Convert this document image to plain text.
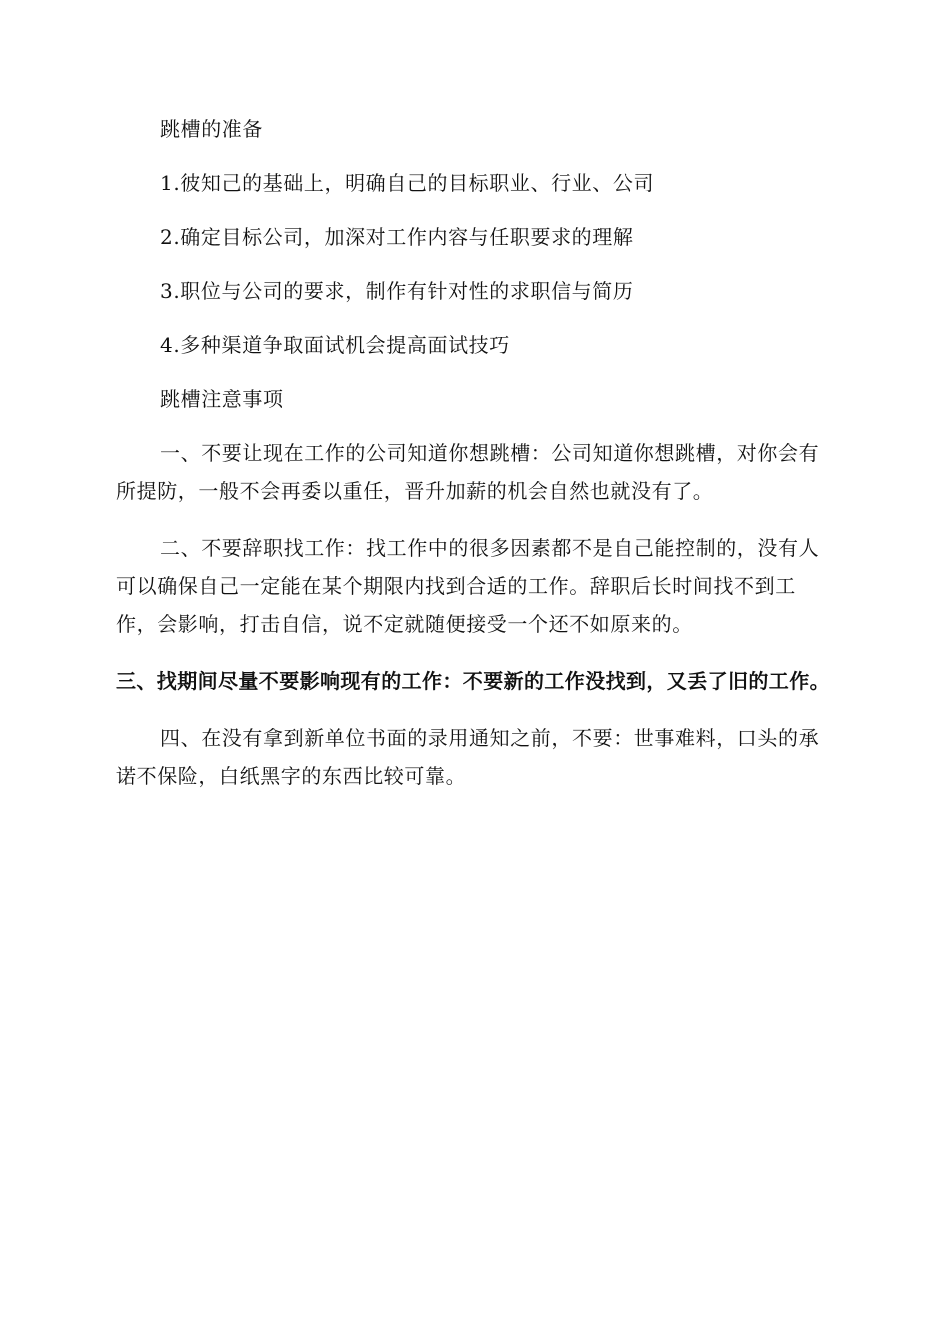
跳槽的准备

1.彼知己的基础上，明确自己的目标职业、行业、公司

2.确定目标公司，加深对工作内容与任职要求的理解

3.职位与公司的要求，制作有针对性的求职信与简历

4.多种渠道争取面试机会提高面试技巧

跳槽注意事项

一、不要让现在工作的公司知道你想跳槽：公司知道你想跳槽，对你会有所提防，一般不会再委以重任，晋升加薪的机会自然也就没有了。

二、不要辞职找工作：找工作中的很多因素都不是自己能控制的，没有人可以确保自己一定能在某个期限内找到合适的工作。辞职后长时间找不到工作，会影响，打击自信，说不定就随便接受一个还不如原来的。

三、找期间尽量不要影响现有的工作：不要新的工作没找到，又丢了旧的工作。

四、在没有拿到新单位书面的录用通知之前，不要：世事难料，口头的承诺不保险，白纸黑字的东西比较可靠。
